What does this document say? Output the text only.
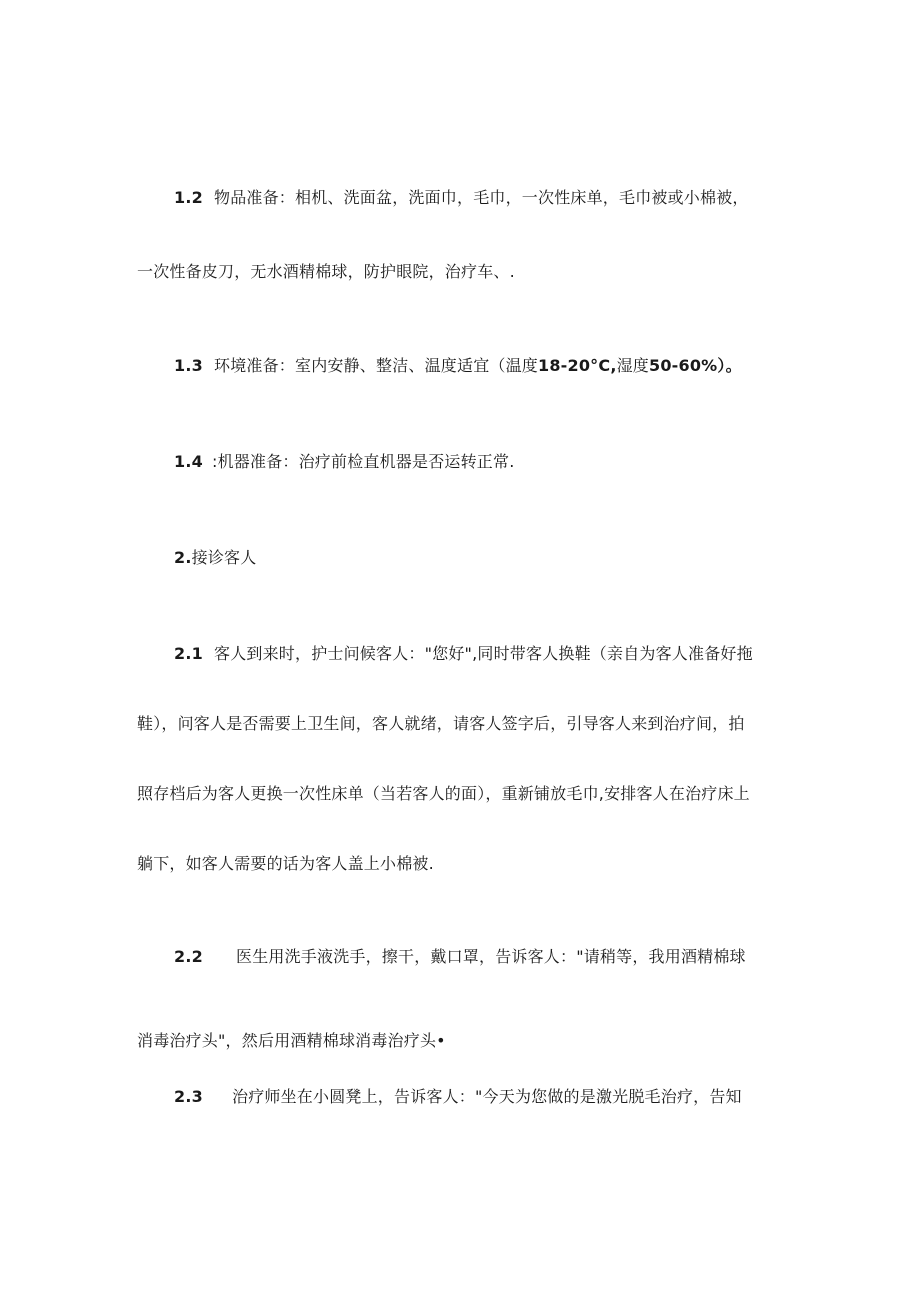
1.2 物品准备：相机、洗面盆，洗面巾，毛巾，一次性床单，毛巾被或小棉被，
一次性备皮刀，无水酒精棉球，防护眼院，治疗车、.
1.3 环境准备：室内安静、整洁、温度适宜（温度18-20°C,湿度50-60%）。
1.4 :机器准备：治疗前检直机器是否运转正常.
2.接诊客人
2.1 客人到来时，护士问候客人："您好",同时带客人换鞋（亲自为客人准备好拖
鞋），问客人是否需要上卫生间，客人就绪，请客人签字后，引导客人来到治疗间，拍
照存档后为客人更换一次性床单（当若客人的面），重新铺放毛巾,安排客人在治疗床上
躺下，如客人需要的话为客人盖上小棉被.
2.2 医生用洗手液洗手，擦干，戴口罩，告诉客人："请稍等，我用酒精棉球
消毒治疗头"，然后用酒精棉球消毒治疗头•
2.3 治疗师坐在小圆凳上，告诉客人："今天为您做的是激光脱毛治疗，告知
